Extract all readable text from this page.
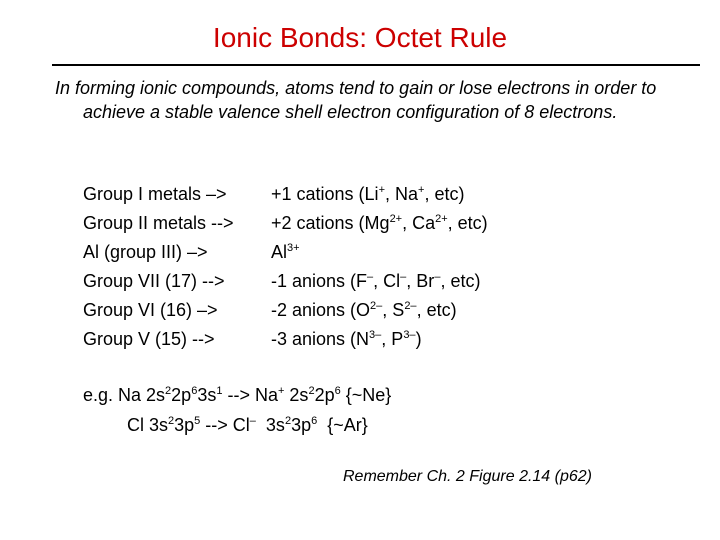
Ionic Bonds: Octet Rule
In forming ionic compounds, atoms tend to gain or lose electrons in order to achieve a stable valence shell electron configuration of 8 electrons.
Group I metals –>	+1 cations (Li+, Na+, etc)
Group II metals -->	+2 cations ($Mg^{2+}$, $Ca^{2+}$, etc)
Al (group III) –>	$Al^{3+}$
Group VII (17) -->	-1 anions (F–, Cl–, Br–, etc)
Group VI (16) –>	-2 anions ($O^{2-}$, $S^{2-}$, etc)
Group V (15) -->	-3 anions ($N^{3-}$, $P^{3-}$)
e.g. Na $2s^22p^63s^1$ --> Na+ $2s^22p^6$ {~Ne}
Cl $3s^23p^5$ --> Cl–  $3s^23p^6$  {~Ar}
Remember Ch. 2 Figure 2.14 (p62)
